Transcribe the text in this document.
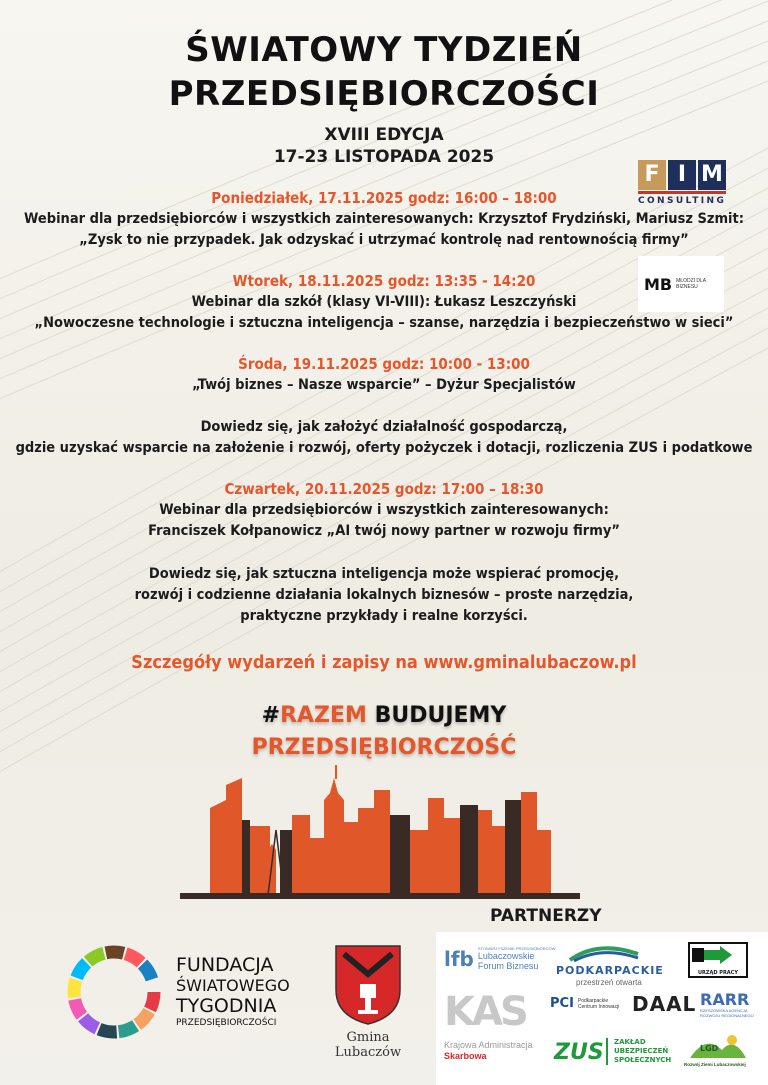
ŚWIATOWY TYDZIEŃ
PRZEDSIĘBIORCZOŚCI
XVIII EDYCJA
17-23 LISTOPADA 2025
F I M
CONSULTING
MB MŁODZI DLA BIZNESU
Poniedziałek, 17.11.2025 godz: 16:00 – 18:00
Webinar dla przedsiębiorców i wszystkich zainteresowanych: Krzysztof Frydziński, Mariusz Szmit:
„Zysk to nie przypadek. Jak odzyskać i utrzymać kontrolę nad rentownością firmy”
Wtorek, 18.11.2025 godz: 13:35 - 14:20
Webinar dla szkół (klasy VI-VIII): Łukasz Leszczyński
„Nowoczesne technologie i sztuczna inteligencja – szanse, narzędzia i bezpieczeństwo w sieci”
Środa, 19.11.2025 godz: 10:00 - 13:00
„Twój biznes – Nasze wsparcie” – Dyżur Specjalistów
Dowiedz się, jak założyć działalność gospodarczą,
gdzie uzyskać wsparcie na założenie i rozwój, oferty pożyczek i dotacji, rozliczenia ZUS i podatkowe
Czwartek, 20.11.2025 godz: 17:00 – 18:30
Webinar dla przedsiębiorców i wszystkich zainteresowanych:
Franciszek Kołpanowicz „AI twój nowy partner w rozwoju firmy”
Dowiedz się, jak sztuczna inteligencja może wspierać promocję,
rozwój i codzienne działania lokalnych biznesów – proste narzędzia,
praktyczne przykłady i realne korzyści.
Szczegóły wydarzeń i zapisy na www.gminalubaczow.pl
#RAZEM BUDUJEMY
PRZEDSIĘBIORCZOŚĆ
PARTNERZY
FUNDACJA
ŚWIATOWEGO
TYGODNIA
PRZEDSIĘBIORCZOŚCI
Gmina Lubaczów
lfb STOWARZYSZENIE PRZEDSIĘBIORCÓW
Lubaczowskie
Forum Biznesu	PODKARPACKIE
przestrzeń otwarta
URZĄD PRACY
KAS
Krajowa Administracja
Skarbowa
PCI Podkarpackie
Centrum Innowacji DAAL RARR
RZESZOWSKA AGENCJA
ROZWOJU REGIONALNEGO
ZUS ZAKŁAD
UBEZPIECZEŃ
SPOŁECZNYCH
LGD
Rozwój Ziemi Lubaczowskiej
